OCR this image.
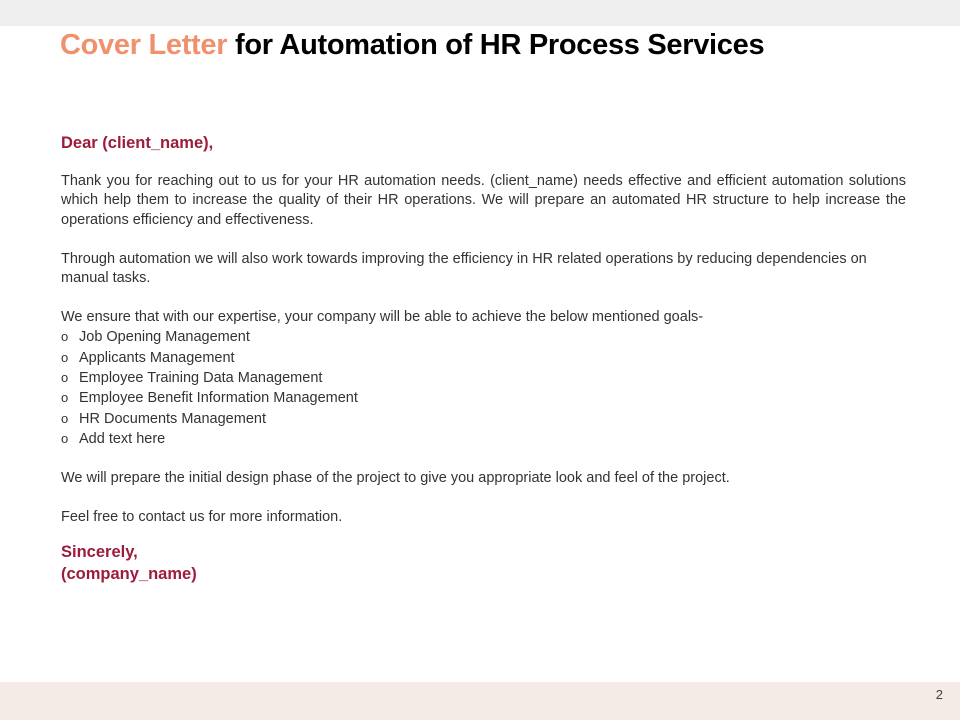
Cover Letter for Automation of HR Process Services

Dear (client_name),

Thank you for reaching out to us for your HR automation needs. (client_name) needs effective and efficient automation solutions which help them to increase the quality of their HR operations. We will prepare an automated HR structure to help increase the operations efficiency and effectiveness.

Through automation we will also work towards improving the efficiency in HR related operations by reducing dependencies on manual tasks.

We ensure that with our expertise, your company will be able to achieve the below mentioned goals-

o Job Opening Management
o Applicants Management
o Employee Training Data Management
o Employee Benefit Information Management
o HR Documents Management
o Add text here

We will prepare the initial design phase of the project to give you appropriate look and feel of the project.

Feel free to contact us for more information.

Sincerely,
(company_name)
2
